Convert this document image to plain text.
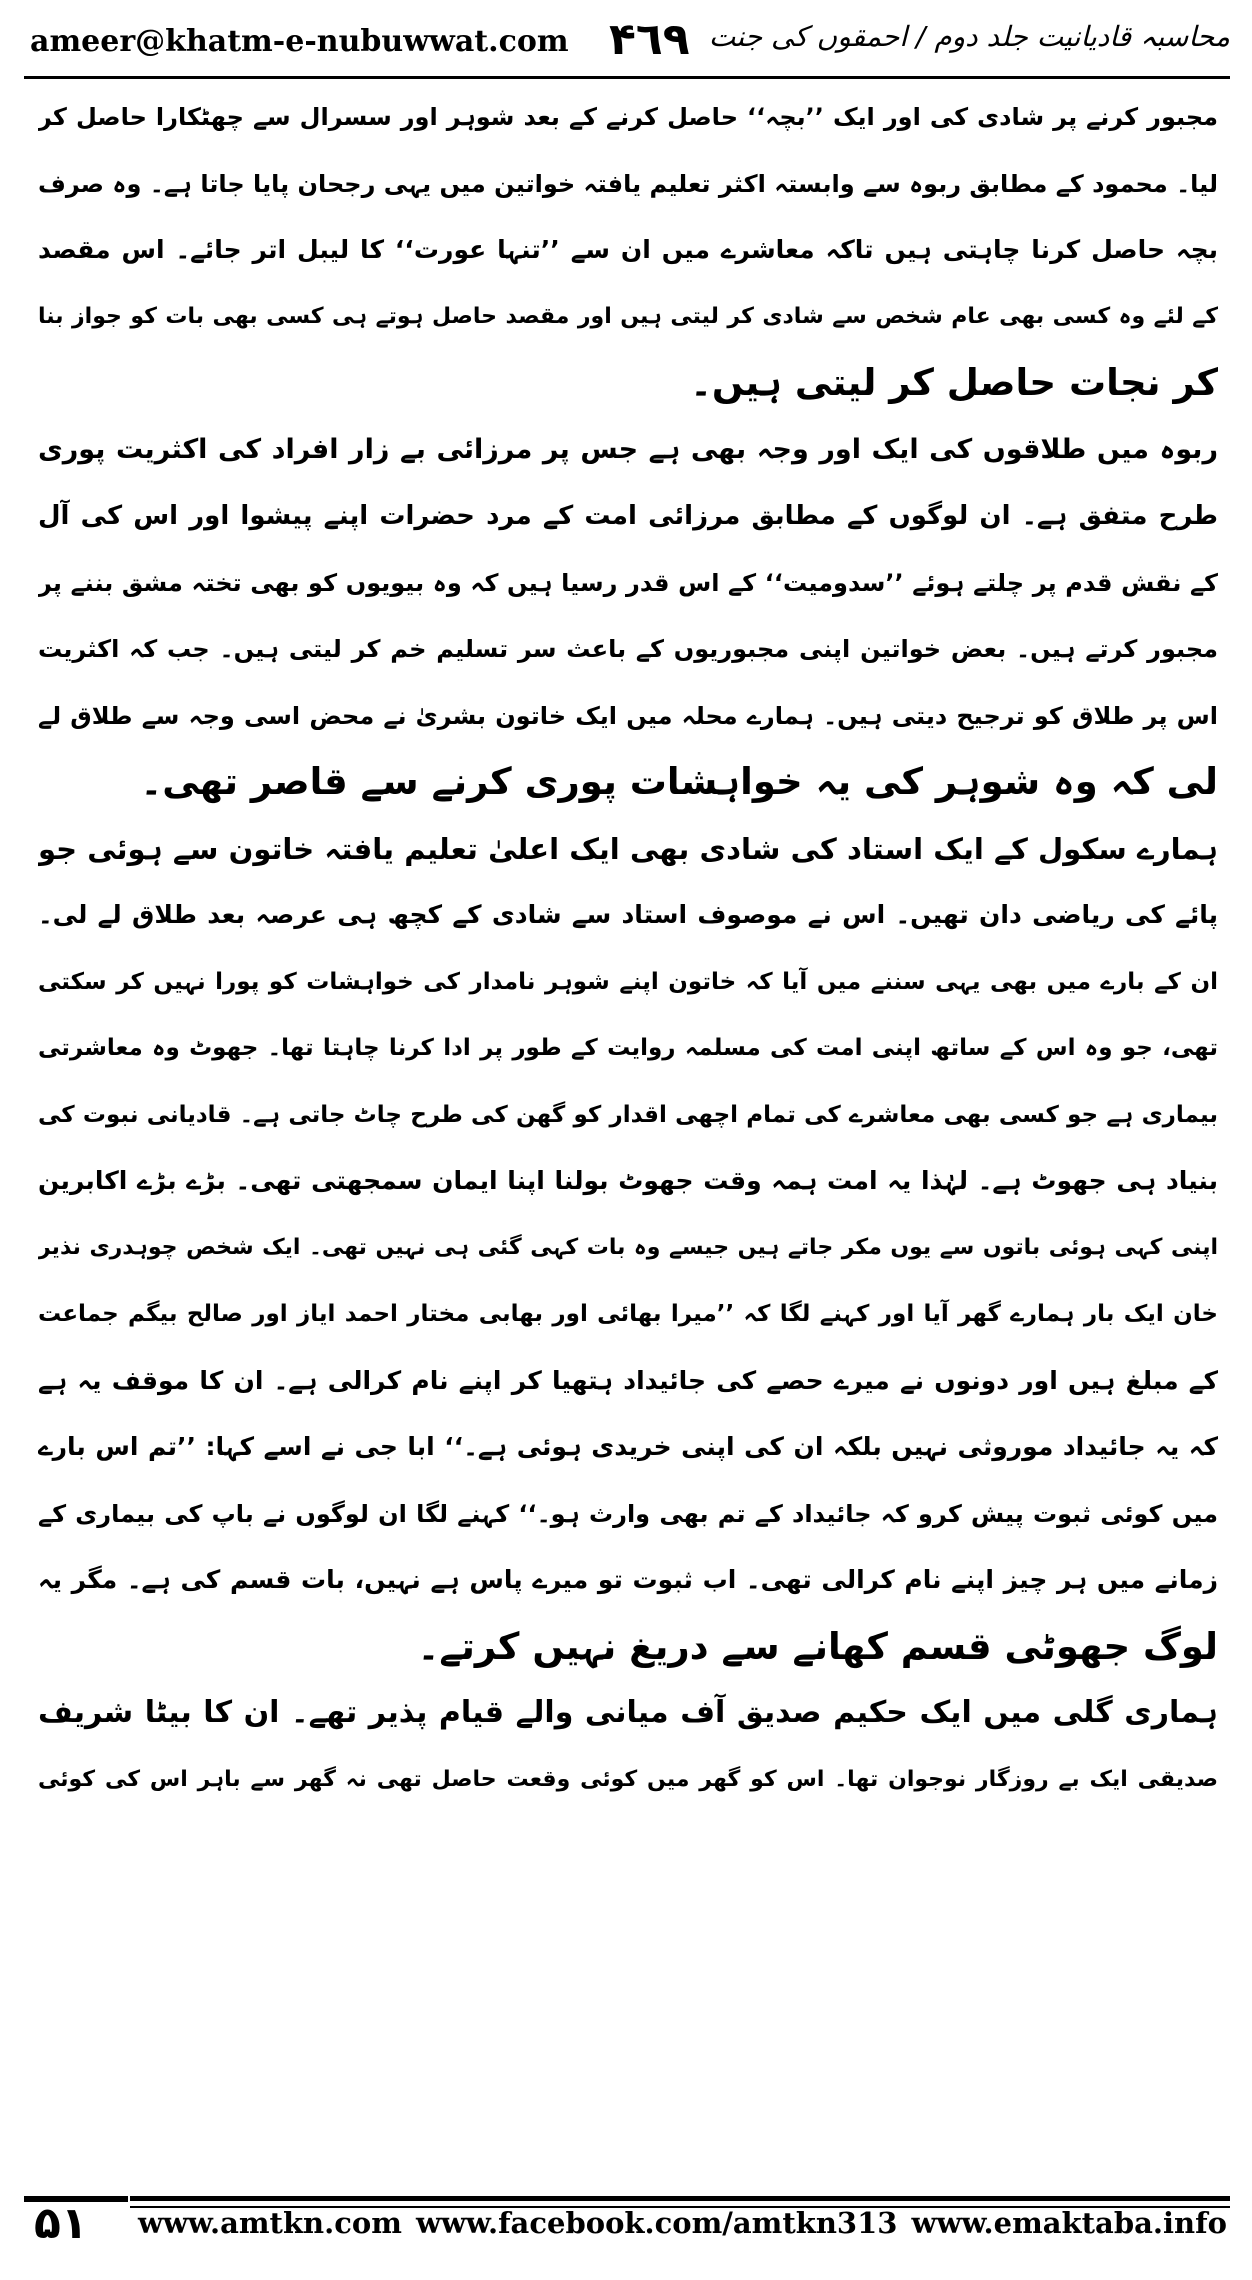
ameer@khatm-e-nubuwwat.com ۴٦٩ محاسبہ قادیانیت جلد دوم / احمقوں کی جنت
مجبور کرنے پر شادی کی اور ایک ’’بچہ‘‘ حاصل کرنے کے بعد شوہر اور سسرال سے چھٹکارا حاصل کر
لیا۔ محمود کے مطابق ربوہ سے وابستہ اکثر تعلیم یافتہ خواتین میں یہی رجحان پایا جاتا ہے۔ وہ صرف
بچہ حاصل کرنا چاہتی ہیں تاکہ معاشرے میں ان سے ’’تنہا عورت‘‘ کا لیبل اتر جائے۔ اس مقصد
کے لئے وہ کسی بھی عام شخص سے شادی کر لیتی ہیں اور مقصد حاصل ہوتے ہی کسی بھی بات کو جواز بنا
کر نجات حاصل کر لیتی ہیں۔
ربوہ میں طلاقوں کی ایک اور وجہ بھی ہے جس پر مرزائی بے زار افراد کی اکثریت پوری
طرح متفق ہے۔ ان لوگوں کے مطابق مرزائی امت کے مرد حضرات اپنے پیشوا اور اس کی آل
کے نقش قدم پر چلتے ہوئے ’’سدومیت‘‘ کے اس قدر رسیا ہیں کہ وہ بیویوں کو بھی تختہ مشق بننے پر
مجبور کرتے ہیں۔ بعض خواتین اپنی مجبوریوں کے باعث سر تسلیم خم کر لیتی ہیں۔ جب کہ اکثریت
اس پر طلاق کو ترجیح دیتی ہیں۔ ہمارے محلہ میں ایک خاتون بشریٰ نے محض اسی وجہ سے طلاق لے
لی کہ وہ شوہر کی یہ خواہشات پوری کرنے سے قاصر تھی۔
ہمارے سکول کے ایک استاد کی شادی بھی ایک اعلیٰ تعلیم یافتہ خاتون سے ہوئی جو
پائے کی ریاضی دان تھیں۔ اس نے موصوف استاد سے شادی کے کچھ ہی عرصہ بعد طلاق لے لی۔
ان کے بارے میں بھی یہی سننے میں آیا کہ خاتون اپنے شوہر نامدار کی خواہشات کو پورا نہیں کر سکتی
تھی، جو وہ اس کے ساتھ اپنی امت کی مسلمہ روایت کے طور پر ادا کرنا چاہتا تھا۔ جھوٹ وہ معاشرتی
بیماری ہے جو کسی بھی معاشرے کی تمام اچھی اقدار کو گھن کی طرح چاٹ جاتی ہے۔ قادیانی نبوت کی
بنیاد ہی جھوٹ ہے۔ لہٰذا یہ امت ہمہ وقت جھوٹ بولنا اپنا ایمان سمجھتی تھی۔ بڑے بڑے اکابرین
اپنی کہی ہوئی باتوں سے یوں مکر جاتے ہیں جیسے وہ بات کہی گئی ہی نہیں تھی۔ ایک شخص چوہدری نذیر
خان ایک بار ہمارے گھر آیا اور کہنے لگا کہ ’’میرا بھائی اور بھابی مختار احمد ایاز اور صالح بیگم جماعت
کے مبلغ ہیں اور دونوں نے میرے حصے کی جائیداد ہتھیا کر اپنے نام کرالی ہے۔ ان کا موقف یہ ہے
کہ یہ جائیداد موروثی نہیں بلکہ ان کی اپنی خریدی ہوئی ہے۔‘‘ ابا جی نے اسے کہا: ’’تم اس بارے
میں کوئی ثبوت پیش کرو کہ جائیداد کے تم بھی وارث ہو۔‘‘ کہنے لگا ان لوگوں نے باپ کی بیماری کے
زمانے میں ہر چیز اپنے نام کرالی تھی۔ اب ثبوت تو میرے پاس ہے نہیں، بات قسم کی ہے۔ مگر یہ
لوگ جھوٹی قسم کھانے سے دریغ نہیں کرتے۔
ہماری گلی میں ایک حکیم صدیق آف میانی والے قیام پذیر تھے۔ ان کا بیٹا شریف
صدیقی ایک بے روزگار نوجوان تھا۔ اس کو گھر میں کوئی وقعت حاصل تھی نہ گھر سے باہر اس کی کوئی
۵۱ www.amtkn.com www.facebook.com/amtkn313 www.emaktaba.info
